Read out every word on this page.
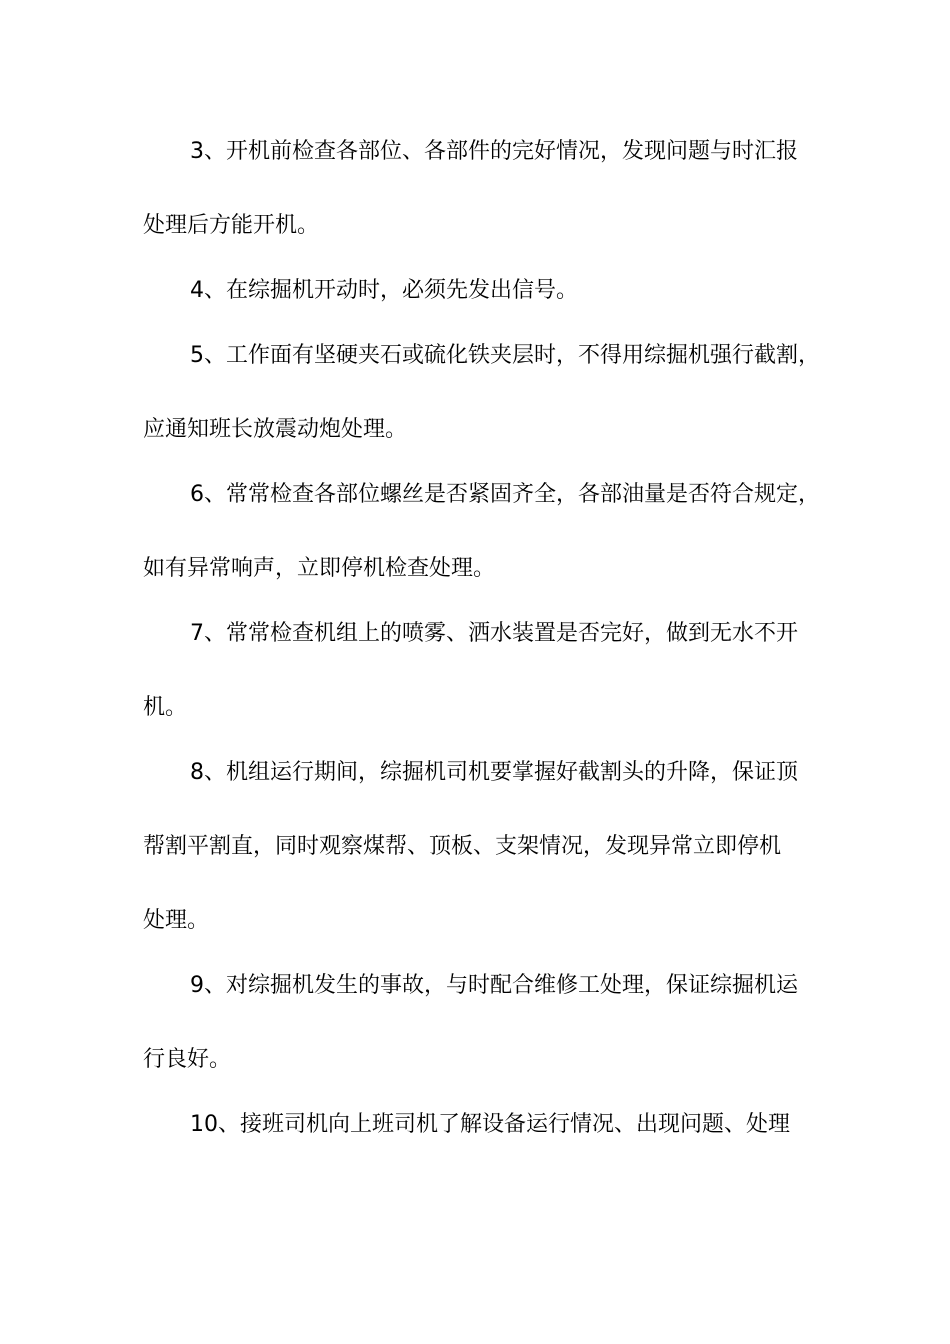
3、开机前检查各部位、各部件的完好情况，发现问题与时汇报
处理后方能开机。
4、在综掘机开动时，必须先发出信号。
5、工作面有坚硬夹石或硫化铁夹层时，不得用综掘机强行截割，
应通知班长放震动炮处理。
6、常常检查各部位螺丝是否紧固齐全，各部油量是否符合规定，
如有异常响声，立即停机检查处理。
7、常常检查机组上的喷雾、洒水装置是否完好，做到无水不开
机。
8、机组运行期间，综掘机司机要掌握好截割头的升降，保证顶
帮割平割直，同时观察煤帮、顶板、支架情况，发现异常立即停机
处理。
9、对综掘机发生的事故，与时配合维修工处理，保证综掘机运
行良好。
10、接班司机向上班司机了解设备运行情况、出现问题、处理
